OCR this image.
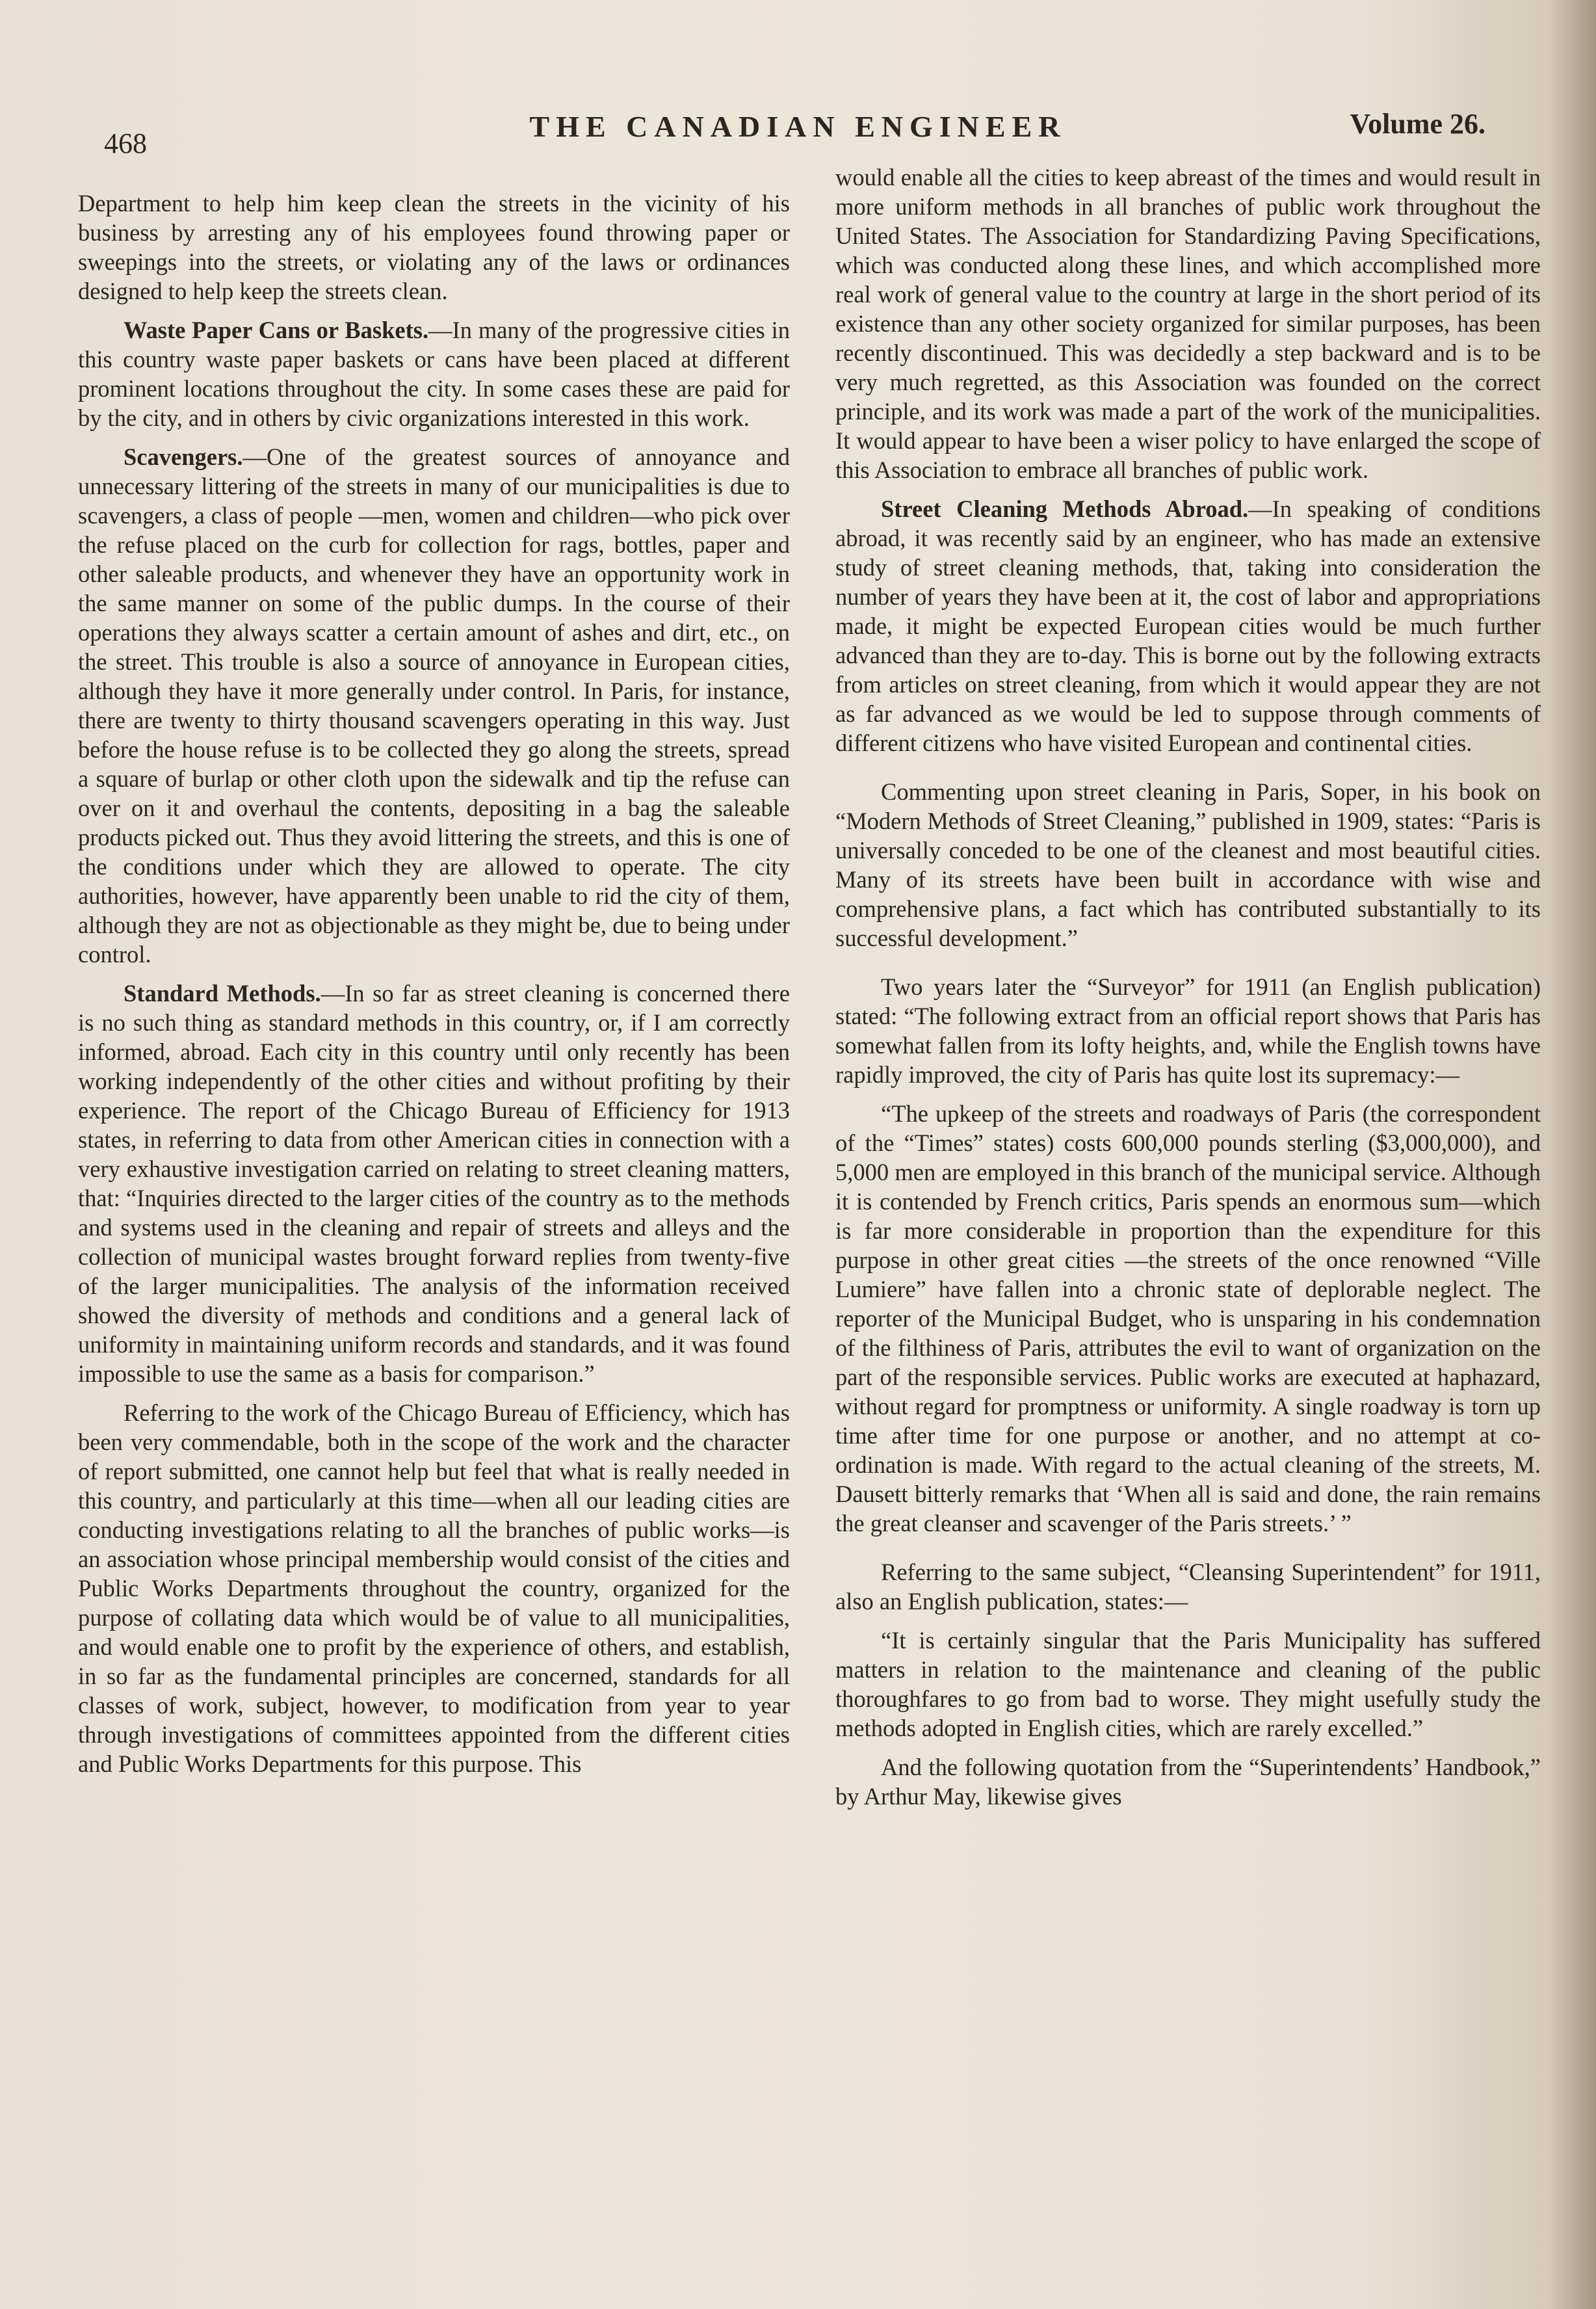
468
THE CANADIAN ENGINEER	Volume 26.

Department to help him keep clean the streets in the vicinity of his business by arresting any of his employees found throwing paper or sweepings into the streets, or violating any of the laws or ordinances designed to help keep the streets clean.

Waste Paper Cans or Baskets.—In many of the progressive cities in this country waste paper baskets or cans have been placed at different prominent locations throughout the city. In some cases these are paid for by the city, and in others by civic organizations interested in this work.

Scavengers.—One of the greatest sources of annoyance and unnecessary littering of the streets in many of our municipalities is due to scavengers, a class of people —men, women and children—who pick over the refuse placed on the curb for collection for rags, bottles, paper and other saleable products, and whenever they have an opportunity work in the same manner on some of the public dumps. In the course of their operations they always scatter a certain amount of ashes and dirt, etc., on the street. This trouble is also a source of annoyance in European cities, although they have it more generally under control. In Paris, for instance, there are twenty to thirty thousand scavengers operating in this way. Just before the house refuse is to be collected they go along the streets, spread a square of burlap or other cloth upon the sidewalk and tip the refuse can over on it and overhaul the contents, depositing in a bag the saleable products picked out. Thus they avoid littering the streets, and this is one of the conditions under which they are allowed to operate. The city authorities, however, have apparently been unable to rid the city of them, although they are not as objectionable as they might be, due to being under control.

Standard Methods.—In so far as street cleaning is concerned there is no such thing as standard methods in this country, or, if I am correctly informed, abroad. Each city in this country until only recently has been working independently of the other cities and without profiting by their experience. The report of the Chicago Bureau of Efficiency for 1913 states, in referring to data from other American cities in connection with a very exhaustive investigation carried on relating to street cleaning matters, that: “Inquiries directed to the larger cities of the country as to the methods and systems used in the cleaning and repair of streets and alleys and the collection of municipal wastes brought forward replies from twenty-five of the larger municipalities. The analysis of the information received showed the diversity of methods and conditions and a general lack of uniformity in maintaining uniform records and standards, and it was found impossible to use the same as a basis for comparison.”

Referring to the work of the Chicago Bureau of Efficiency, which has been very commendable, both in the scope of the work and the character of report submitted, one cannot help but feel that what is really needed in this country, and particularly at this time—when all our leading cities are conducting investigations relating to all the branches of public works—is an association whose principal membership would consist of the cities and Public Works Departments throughout the country, organized for the purpose of collating data which would be of value to all municipalities, and would enable one to profit by the experience of others, and establish, in so far as the fundamental principles are concerned, standards for all classes of work, subject, however, to modification from year to year through investigations of committees appointed from the different cities and Public Works Departments for this purpose. This

would enable all the cities to keep abreast of the times and would result in more uniform methods in all branches of public work throughout the United States. The Association for Standardizing Paving Specifications, which was conducted along these lines, and which accomplished more real work of general value to the country at large in the short period of its existence than any other society organized for similar purposes, has been recently discontinued. This was decidedly a step backward and is to be very much regretted, as this Association was founded on the correct principle, and its work was made a part of the work of the municipalities. It would appear to have been a wiser policy to have enlarged the scope of this Association to embrace all branches of public work.

Street Cleaning Methods Abroad.—In speaking of conditions abroad, it was recently said by an engineer, who has made an extensive study of street cleaning methods, that, taking into consideration the number of years they have been at it, the cost of labor and appropriations made, it might be expected European cities would be much further advanced than they are to-day. This is borne out by the following extracts from articles on street cleaning, from which it would appear they are not as far advanced as we would be led to suppose through comments of different citizens who have visited European and continental cities.

Commenting upon street cleaning in Paris, Soper, in his book on “Modern Methods of Street Cleaning,” published in 1909, states: “Paris is universally conceded to be one of the cleanest and most beautiful cities. Many of its streets have been built in accordance with wise and comprehensive plans, a fact which has contributed substantially to its successful development.”

Two years later the “Surveyor” for 1911 (an English publication) stated: “The following extract from an official report shows that Paris has somewhat fallen from its lofty heights, and, while the English towns have rapidly improved, the city of Paris has quite lost its supremacy:—

“The upkeep of the streets and roadways of Paris (the correspondent of the “Times” states) costs 600,000 pounds sterling ($3,000,000), and 5,000 men are employed in this branch of the municipal service. Although it is contended by French critics, Paris spends an enormous sum—which is far more considerable in proportion than the expenditure for this purpose in other great cities —the streets of the once renowned “Ville Lumiere” have fallen into a chronic state of deplorable neglect. The reporter of the Municipal Budget, who is unsparing in his condemnation of the filthiness of Paris, attributes the evil to want of organization on the part of the responsible services. Public works are executed at haphazard, without regard for promptness or uniformity. A single roadway is torn up time after time for one purpose or another, and no attempt at co-ordination is made. With regard to the actual cleaning of the streets, M. Dausett bitterly remarks that ‘When all is said and done, the rain remains the great cleanser and scavenger of the Paris streets.’ ”

Referring to the same subject, “Cleansing Superintendent” for 1911, also an English publication, states:—

“It is certainly singular that the Paris Municipality has suffered matters in relation to the maintenance and cleaning of the public thoroughfares to go from bad to worse. They might usefully study the methods adopted in English cities, which are rarely excelled.”

And the following quotation from the “Superintendents’ Handbook,” by Arthur May, likewise gives
